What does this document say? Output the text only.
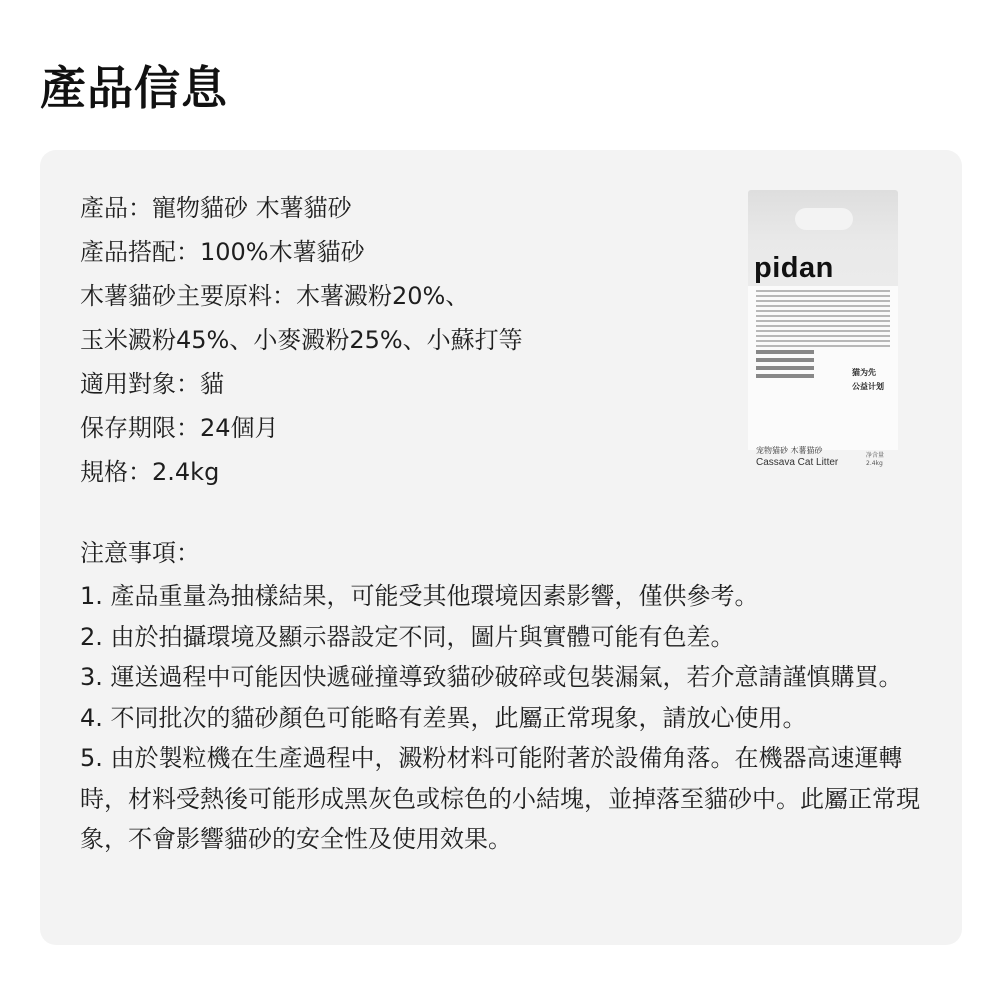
產品信息
產品：寵物貓砂 木薯貓砂
產品搭配：100%木薯貓砂
木薯貓砂主要原料：木薯澱粉20%、
玉米澱粉45%、小麥澱粉25%、小蘇打等
適用對象：貓
保存期限：24個月
規格：2.4kg
pidan
猫为先
公益计划
宠物猫砂 木薯猫砂
Cassava Cat Litter
净含量 2.4kg
注意事項：
1. 產品重量為抽樣結果，可能受其他環境因素影響，僅供參考。
2. 由於拍攝環境及顯示器設定不同，圖片與實體可能有色差。
3. 運送過程中可能因快遞碰撞導致貓砂破碎或包裝漏氣，若介意請謹慎購買。
4. 不同批次的貓砂顏色可能略有差異，此屬正常現象，請放心使用。
5. 由於製粒機在生產過程中，澱粉材料可能附著於設備角落。在機器高速運轉時，材料受熱後可能形成黑灰色或棕色的小結塊，並掉落至貓砂中。此屬正常現象，不會影響貓砂的安全性及使用效果。
